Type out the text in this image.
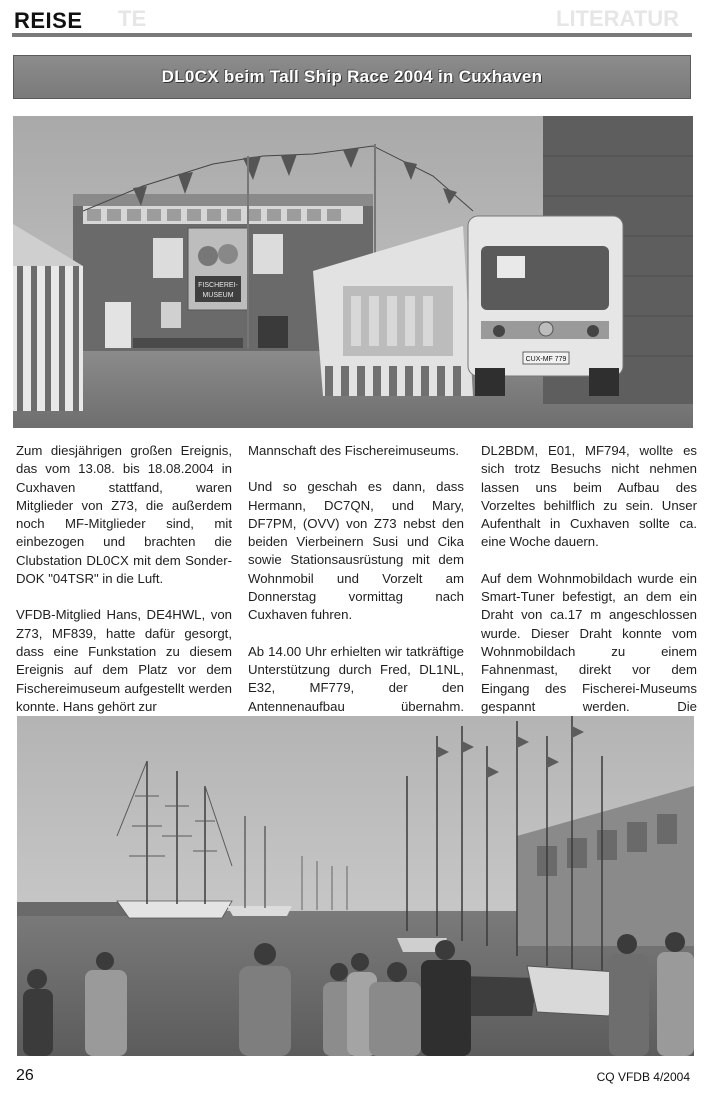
TE	LITERATUR
REISE
DL0CX beim Tall Ship Race 2004 in Cuxhaven
FISCHEREI-
MUSEUM
CUX-MF 779

Zum diesjährigen großen Ereignis, das vom 13.08. bis 18.08.2004 in Cuxhaven stattfand, waren Mitglieder von Z73, die außerdem noch MF-Mitglieder sind, mit einbezogen und brachten die Clubstation DL0CX mit dem Sonder-DOK "04TSR" in die Luft.

VFDB-Mitglied Hans, DE4HWL, von Z73, MF839, hatte dafür gesorgt, dass eine Funkstation zu diesem Ereignis auf dem Platz vor dem Fischereimuseum aufgestellt werden konnte. Hans gehört zur

Mannschaft des Fischereimuseums.

Und so geschah es dann, dass Hermann, DC7QN, und Mary, DF7PM, (OVV) von Z73 nebst den beiden Vierbeinern Susi und Cika sowie Stationsausrüstung mit dem Wohnmobil und Vorzelt am Donnerstag vormittag nach Cuxhaven fuhren.

Ab 14.00 Uhr erhielten wir tatkräftige Unterstützung durch Fred, DL1NL, E32, MF779, der den Antennenaufbau übernahm.

DL2BDM, E01, MF794, wollte es sich trotz Besuchs nicht nehmen lassen uns beim Aufbau des Vorzeltes behilflich zu sein. Unser Aufenthalt in Cuxhaven sollte ca. eine Woche dauern.

Auf dem Wohnmobildach wurde ein Smart-Tuner befestigt, an dem ein Draht von ca.17 m angeschlossen wurde. Dieser Draht konnte vom Wohnmobildach zu einem Fahnenmast, direkt vor dem Eingang des Fischerei-Museums gespannt werden. Die

26	CQ VFDB 4/2004
